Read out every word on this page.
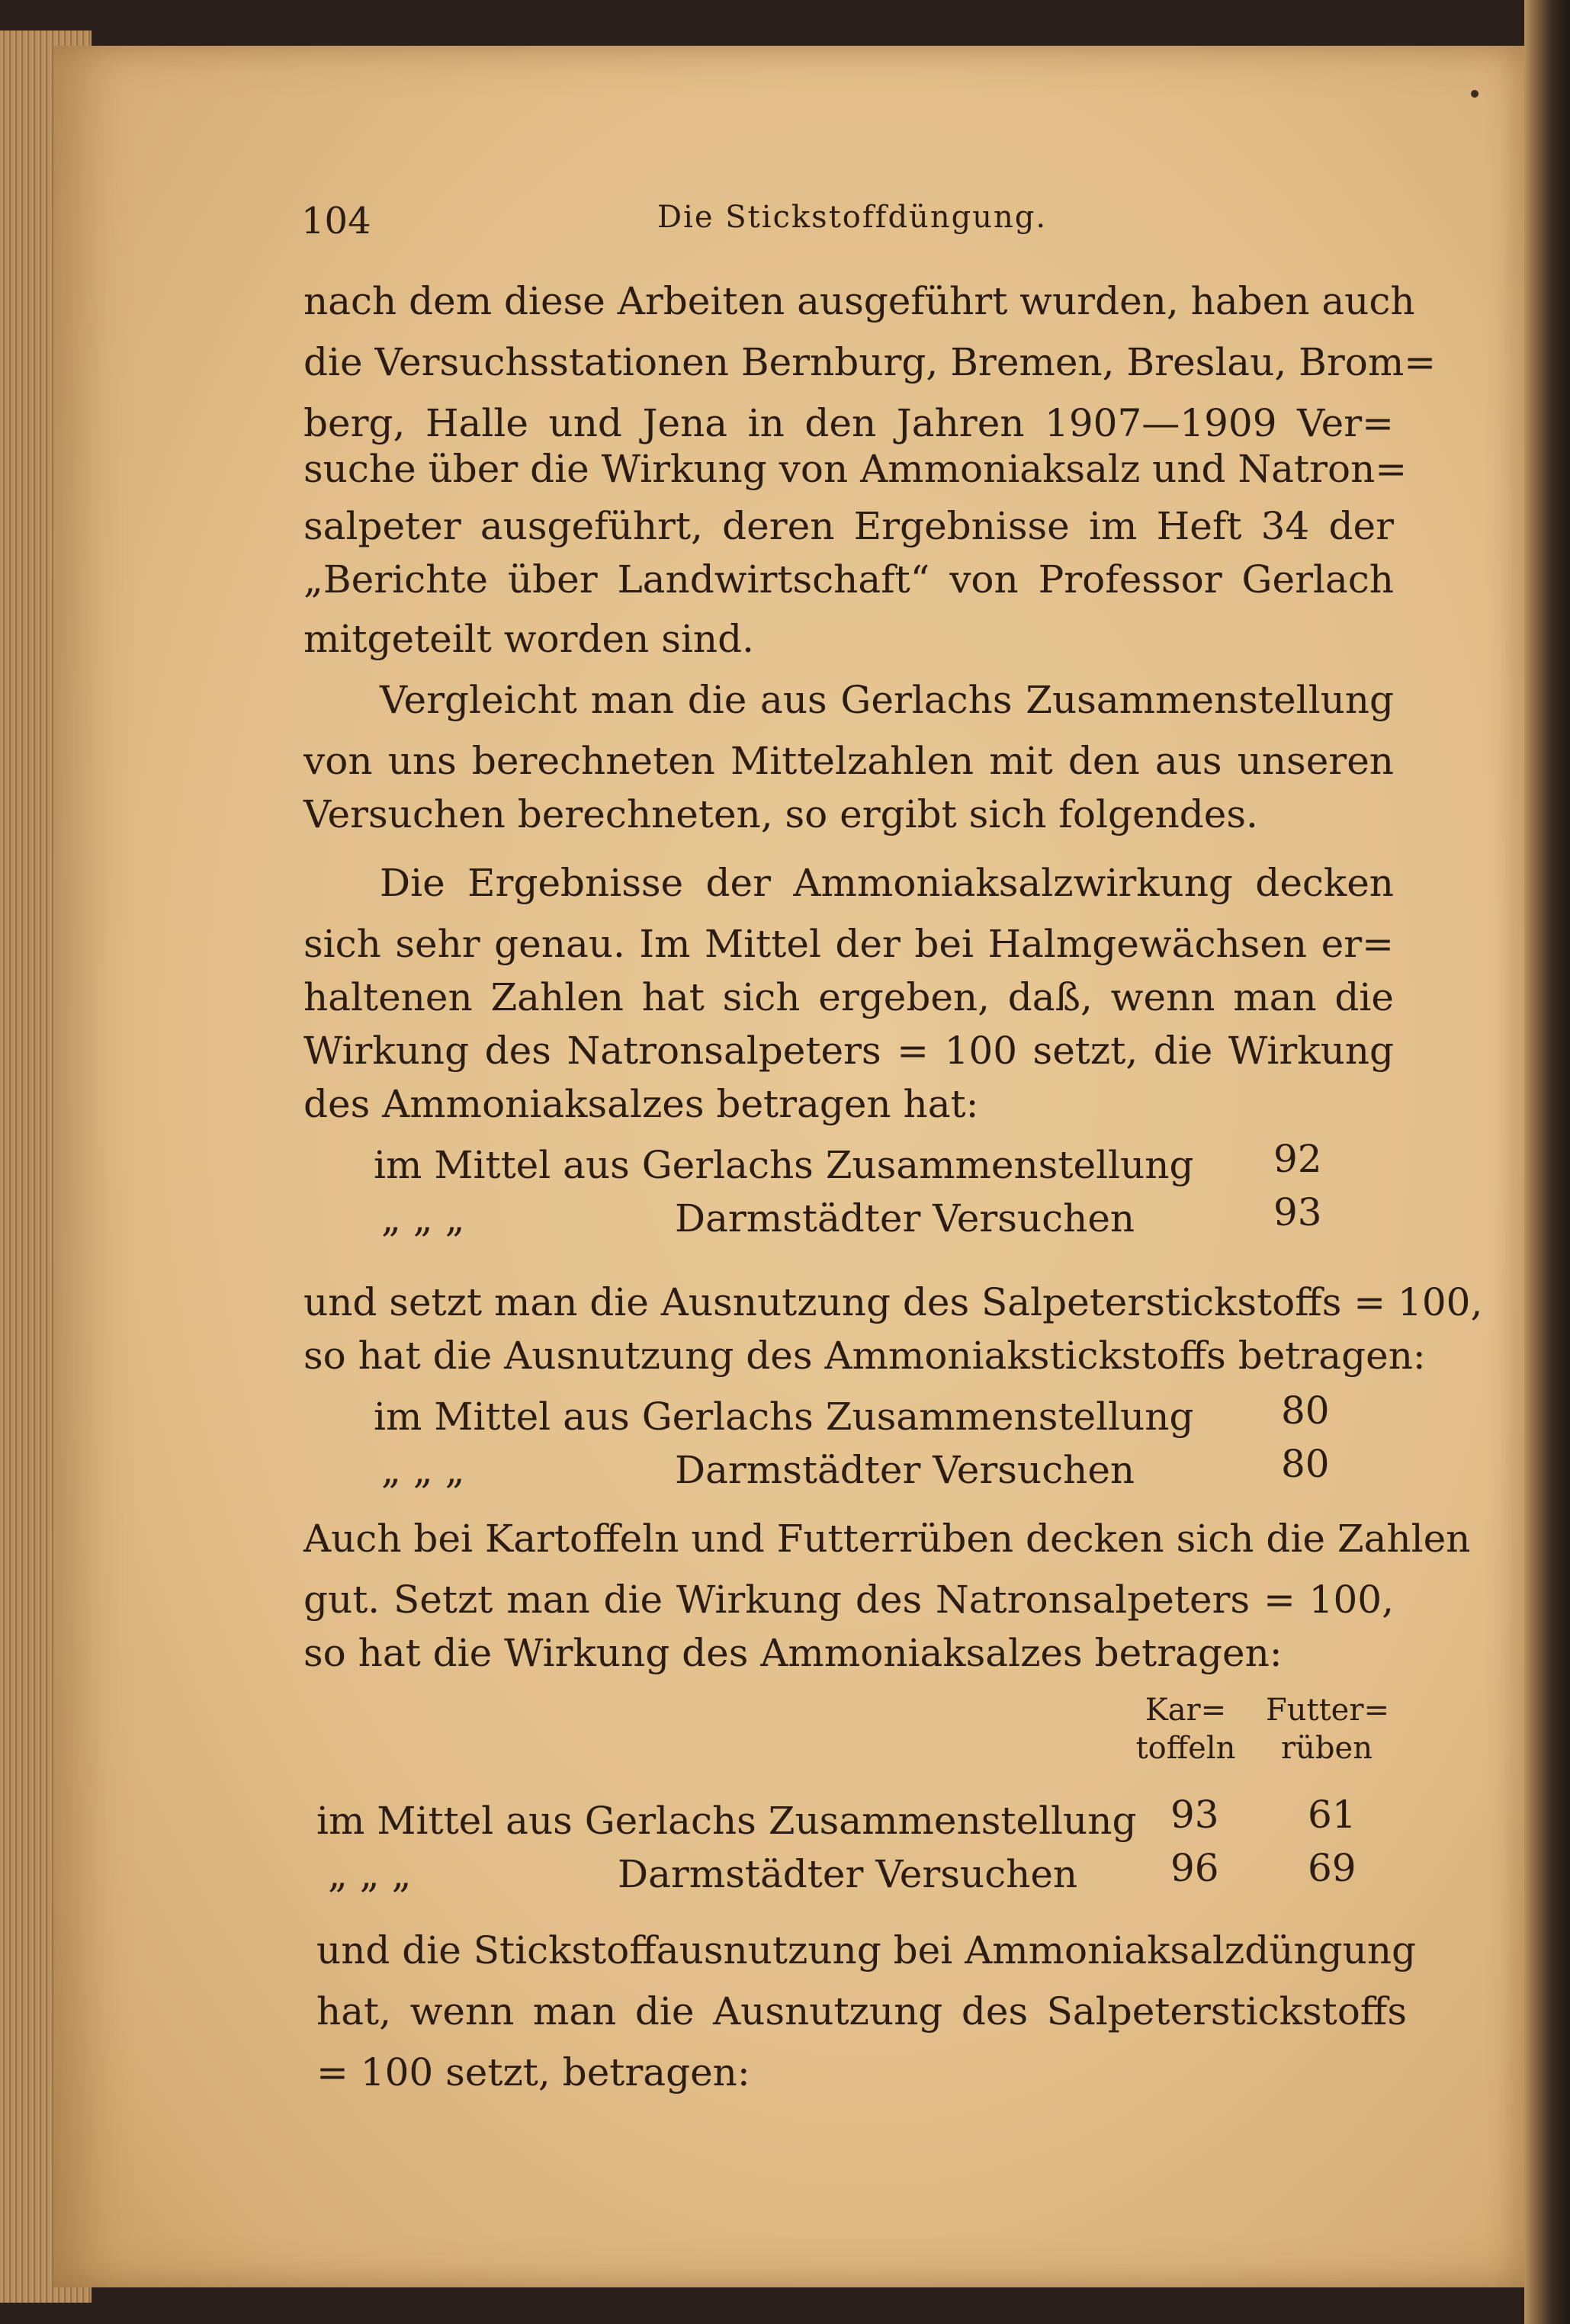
104	Die Stickstoffdüngung.
nach dem diese Arbeiten ausgeführt wurden, haben auch
die Versuchsstationen Bernburg, Bremen, Breslau, Brom=
berg, Halle und Jena in den Jahren 1907—1909 Ver=
suche über die Wirkung von Ammoniaksalz und Natron=
salpeter ausgeführt, deren Ergebnisse im Heft 34 der
„Berichte über Landwirtschaft“ von Professor Gerlach
mitgeteilt worden sind.
Vergleicht man die aus Gerlachs Zusammenstellung
von uns berechneten Mittelzahlen mit den aus unseren
Versuchen berechneten, so ergibt sich folgendes.
Die Ergebnisse der Ammoniaksalzwirkung decken
sich sehr genau. Im Mittel der bei Halmgewächsen er=
haltenen Zahlen hat sich ergeben, daß, wenn man die
Wirkung des Natronsalpeters = 100 setzt, die Wirkung
des Ammoniaksalzes betragen hat:
im Mittel aus Gerlachs Zusammenstellung 92
„ „ „	Darmstädter Versuchen	93
und setzt man die Ausnutzung des Salpeterstickstoffs = 100,
so hat die Ausnutzung des Ammoniakstickstoffs betragen:
im Mittel aus Gerlachs Zusammenstellung 80
„ „ „	Darmstädter Versuchen	80
Auch bei Kartoffeln und Futterrüben decken sich die Zahlen
gut. Setzt man die Wirkung des Natronsalpeters = 100,
so hat die Wirkung des Ammoniaksalzes betragen:
Kar=
toffeln
Futter=
rüben
im Mittel aus Gerlachs Zusammenstellung 93 61
„ „ „	Darmstädter Versuchen 96 69
und die Stickstoffausnutzung bei Ammoniaksalzdüngung
hat, wenn man die Ausnutzung des Salpeterstickstoffs
= 100 setzt, betragen:
